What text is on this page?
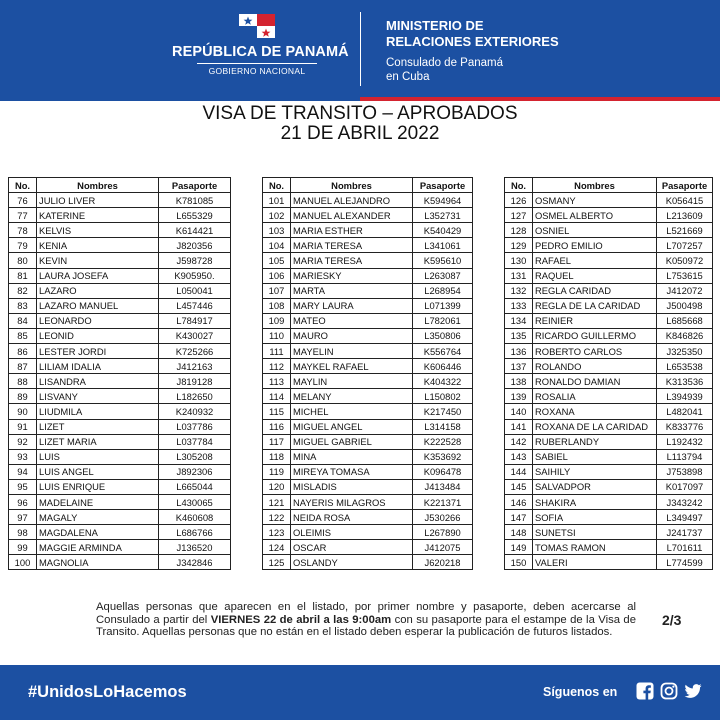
REPÚBLICA DE PANAMÁ
GOBIERNO NACIONAL
MINISTERIO DE
RELACIONES EXTERIORES
Consulado de Panamá
en Cuba
VISA DE TRANSITO – APROBADOS
21 DE ABRIL 2022
No.	Nombres	Pasaporte
76	JULIO LIVER	K781085
77	KATERINE	L655329
78	KELVIS	K614421
79	KENIA	J820356
80	KEVIN	J598728
81	LAURA JOSEFA	K905950.
82	LAZARO	L050041
83	LAZARO MANUEL	L457446
84	LEONARDO	L784917
85	LEONID	K430027
86	LESTER JORDI	K725266
87	LILIAM IDALIA	J412163
88	LISANDRA	J819128
89	LISVANY	L182650
90	LIUDMILA	K240932
91	LIZET	L037786
92	LIZET MARIA	L037784
93	LUIS	L305208
94	LUIS ANGEL	J892306
95	LUIS ENRIQUE	L665044
96	MADELAINE	L430065
97	MAGALY	K460608
98	MAGDALENA	L686766
99	MAGGIE ARMINDA	J136520
100	MAGNOLIA	J342846
No.	Nombres	Pasaporte
101	MANUEL ALEJANDRO	K594964
102	MANUEL ALEXANDER	L352731
103	MARIA ESTHER	K540429
104	MARIA TERESA	L341061
105	MARIA TERESA	K595610
106	MARIESKY	L263087
107	MARTA	L268954
108	MARY LAURA	L071399
109	MATEO	L782061
110	MAURO	L350806
111	MAYELIN	K556764
112	MAYKEL RAFAEL	K606446
113	MAYLIN	K404322
114	MELANY	L150802
115	MICHEL	K217450
116	MIGUEL ANGEL	L314158
117	MIGUEL GABRIEL	K222528
118	MINA	K353692
119	MIREYA TOMASA	K096478
120	MISLADIS	J413484
121	NAYERIS MILAGROS	K221371
122	NEIDA ROSA	J530266
123	OLEIMIS	L267890
124	OSCAR	J412075
125	OSLANDY	J620218
No.	Nombres	Pasaporte
126	OSMANY	K056415
127	OSMEL ALBERTO	L213609
128	OSNIEL	L521669
129	PEDRO EMILIO	L707257
130	RAFAEL	K050972
131	RAQUEL	L753615
132	REGLA CARIDAD	J412072
133	REGLA DE LA CARIDAD	J500498
134	REINIER	L685668
135	RICARDO GUILLERMO	K846826
136	ROBERTO CARLOS	J325350
137	ROLANDO	L653538
138	RONALDO DAMIAN	K313536
139	ROSALIA	L394939
140	ROXANA	L482041
141	ROXANA DE LA CARIDAD	K833776
142	RUBERLANDY	L192432
143	SABIEL	L113794
144	SAIHILY	J753898
145	SALVADPOR	K017097
146	SHAKIRA	J343242
147	SOFIA	L349497
148	SUNETSI	J241737
149	TOMAS RAMON	L701611
150	VALERI	L774599
Aquellas personas que aparecen en el listado, por primer nombre y pasaporte, deben acercarse al Consulado a partir del VIERNES 22 de abril a las 9:00am con su pasaporte para el estampe de la Visa de Transito. Aquellas personas que no están en el listado deben esperar la publicación de futuros listados.
2/3
#UnidosLoHacemos	Síguenos en
